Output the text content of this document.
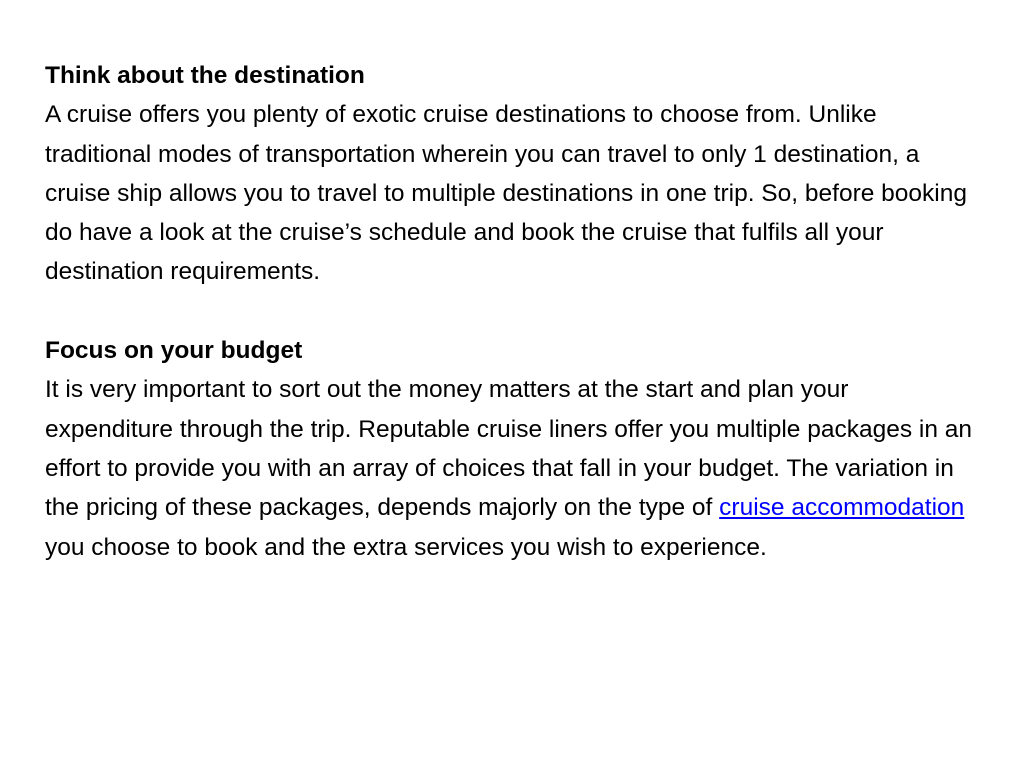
Think about the destination

A cruise offers you plenty of exotic cruise destinations to choose from. Unlike traditional modes of transportation wherein you can travel to only 1 destination, a cruise ship allows you to travel to multiple destinations in one trip. So, before booking do have a look at the cruise’s schedule and book the cruise that fulfils all your destination requirements.

Focus on your budget

It is very important to sort out the money matters at the start and plan your expenditure through the trip. Reputable cruise liners offer you multiple packages in an effort to provide you with an array of choices that fall in your budget. The variation in the pricing of these packages, depends majorly on the type of cruise accommodation you choose to book and the extra services you wish to experience.
